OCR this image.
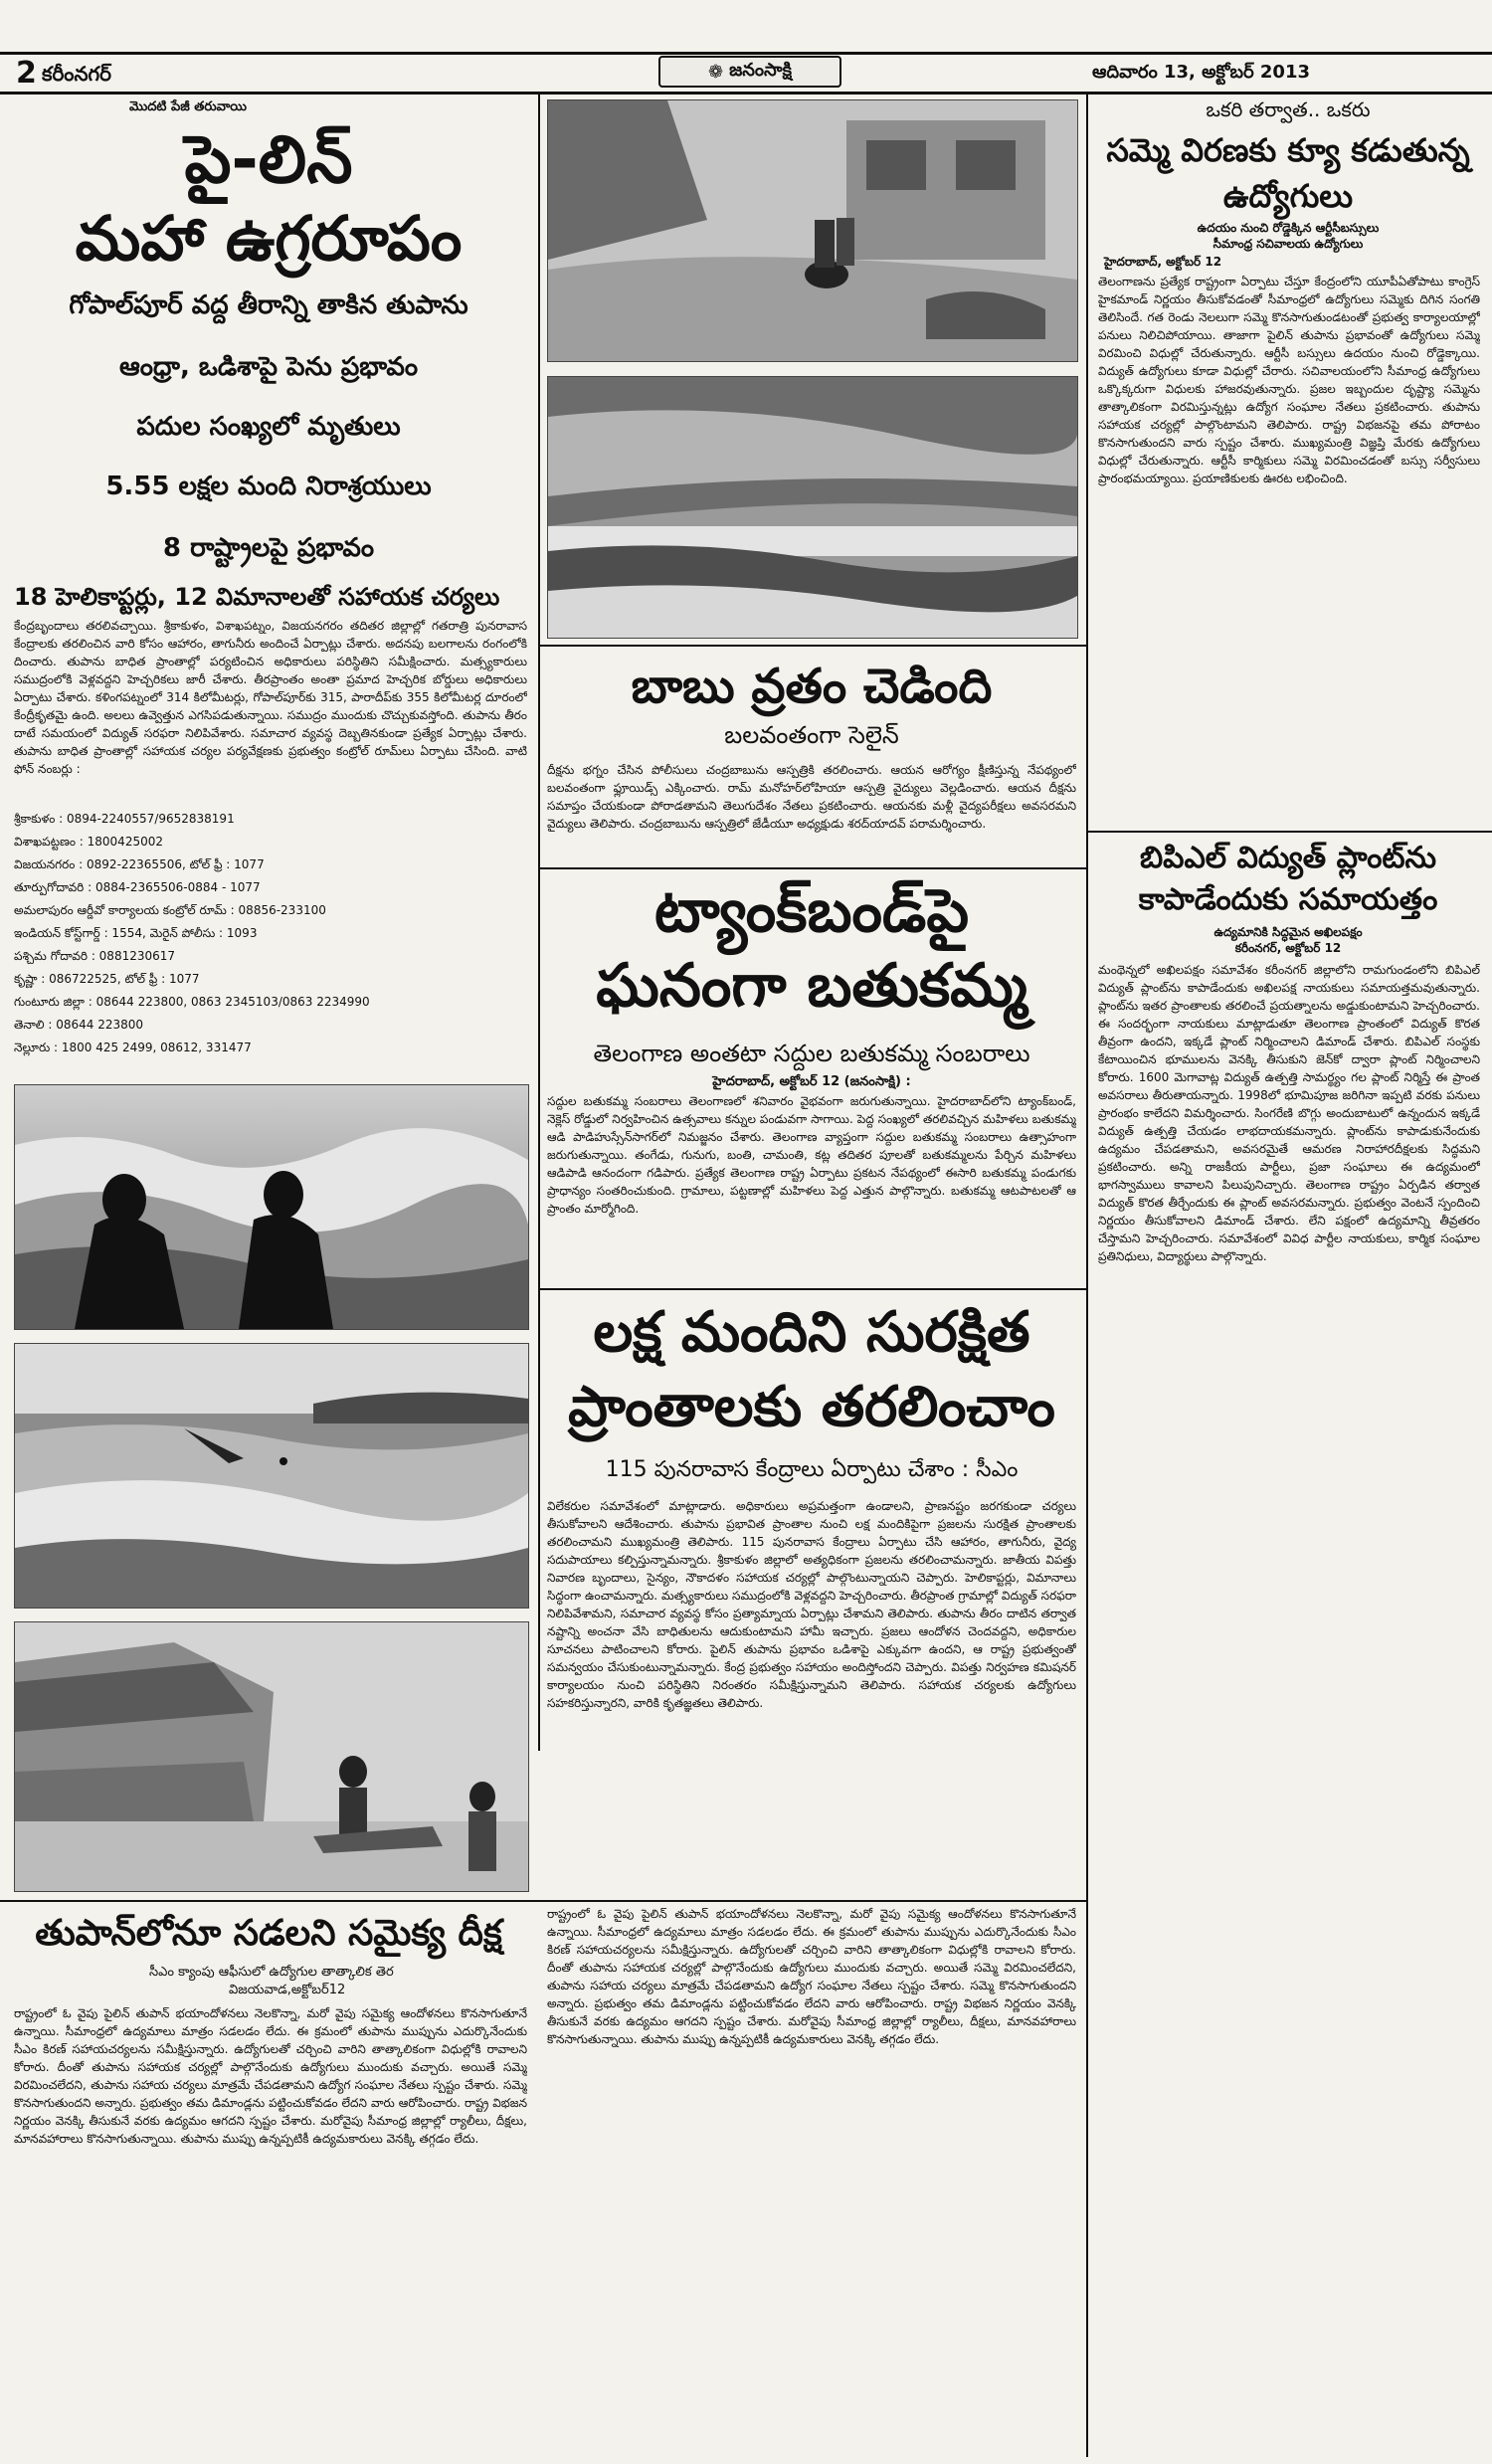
2 కరీంనగర్	❁ జనంసాక్షి	ఆదివారం 13, అక్టోబర్ 2013
మొదటి పేజీ తరువాయి
పై-లిన్
మహా ఉగ్రరూపం
గోపాల్‌పూర్ వద్ద తీరాన్ని తాకిన తుపాను
ఆంధ్రా, ఒడిశాపై పెను ప్రభావం
పదుల సంఖ్యలో మృతులు
5.55 లక్షల మంది నిరాశ్రయులు
8 రాష్ట్రాలపై ప్రభావం
18 హెలికాప్టర్లు, 12 విమానాలతో సహాయక చర్యలు
కేంద్రబృందాలు తరలివచ్చాయి. శ్రీకాకుళం, విశాఖపట్నం, విజయనగరం తదితర జిల్లాల్లో గతరాత్రి పునరావాస కేంద్రాలకు తరలించిన వారి కోసం ఆహారం, తాగునీరు అందించే ఏర్పాట్లు చేశారు. అదనపు బలగాలను రంగంలోకి దించారు. తుపాను బాధిత ప్రాంతాల్లో పర్యటించిన అధికారులు పరిస్థితిని సమీక్షించారు. మత్స్యకారులు సముద్రంలోకి వెళ్లవద్దని హెచ్చరికలు జారీ చేశారు. తీరప్రాంతం అంతా ప్రమాద హెచ్చరిక బోర్డులు అధికారులు ఏర్పాటు చేశారు. కళింగపట్నంలో 314 కిలోమీటర్లు, గోపాల్‌పూర్‌కు 315, పారాదీప్‌కు 355 కిలోమీటర్ల దూరంలో కేంద్రీకృతమై ఉంది. అలలు ఉవ్వెత్తున ఎగసిపడుతున్నాయి. సముద్రం ముందుకు చొచ్చుకువస్తోంది. తుపాను తీరం దాటే సమయంలో విద్యుత్ సరఫరా నిలిపివేశారు. సమాచార వ్యవస్థ దెబ్బతినకుండా ప్రత్యేక ఏర్పాట్లు చేశారు. తుపాను బాధిత ప్రాంతాల్లో సహాయక చర్యల పర్యవేక్షణకు ప్రభుత్వం కంట్రోల్ రూమ్‌లు ఏర్పాటు చేసింది. వాటి ఫోన్ నంబర్లు :

శ్రీకాకుళం : 0894-2240557/9652838191

విశాఖపట్టణం : 1800425002

విజయనగరం : 0892-22365506, టోల్ ఫ్రీ : 1077

తూర్పుగోదావరి : 0884-2365506-0884 - 1077

అమలాపురం ఆర్డీవో కార్యాలయ కంట్రోల్ రూమ్ : 08856-233100

ఇండియన్ కోస్ట్‌గార్డ్ : 1554, మెరైన్ పోలీసు : 1093

పశ్చిమ గోదావరి : 0881230617

కృష్ణా : 086722525, టోల్ ఫ్రీ : 1077

గుంటూరు జిల్లా : 08644 223800, 0863 2345103/0863 2234990

తెనాలి : 08644 223800

నెల్లూరు : 1800 425 2499, 08612, 331477

తుపాన్‌లోనూ సడలని సమైక్య దీక్ష
సీఎం క్యాంపు ఆఫీసులో ఉద్యోగుల తాత్కాలిక తెర
విజయవాడ,అక్టోబర్12
రాష్ట్రంలో ఓ వైపు పైలిన్ తుపాన్ భయాందోళనలు నెలకొన్నా, మరో వైపు సమైక్య ఆందోళనలు కొనసాగుతూనే ఉన్నాయి. సీమాంధ్రలో ఉద్యమాలు మాత్రం సడలడం లేదు. ఈ క్రమంలో తుపాను ముప్పును ఎదుర్కొనేందుకు సీఎం కిరణ్ సహాయచర్యలను సమీక్షిస్తున్నారు. ఉద్యోగులతో చర్చించి వారిని తాత్కాలికంగా విధుల్లోకి రావాలని కోరారు. దీంతో తుపాను సహాయక చర్యల్లో పాల్గొనేందుకు ఉద్యోగులు ముందుకు వచ్చారు. అయితే సమ్మె విరమించలేదని, తుపాను సహాయ చర్యలు మాత్రమే చేపడతామని ఉద్యోగ సంఘాల నేతలు స్పష్టం చేశారు. సమ్మె కొనసాగుతుందని అన్నారు. ప్రభుత్వం తమ డిమాండ్లను పట్టించుకోవడం లేదని వారు ఆరోపించారు. రాష్ట్ర విభజన నిర్ణయం వెనక్కి తీసుకునే వరకు ఉద్యమం ఆగదని స్పష్టం చేశారు. మరోవైపు సీమాంధ్ర జిల్లాల్లో ర్యాలీలు, దీక్షలు, మానవహారాలు కొనసాగుతున్నాయి. తుపాను ముప్పు ఉన్నప్పటికీ ఉద్యమకారులు వెనక్కి తగ్గడం లేదు.
రాష్ట్రంలో ఓ వైపు పైలిన్ తుపాన్ భయాందోళనలు నెలకొన్నా, మరో వైపు సమైక్య ఆందోళనలు కొనసాగుతూనే ఉన్నాయి. సీమాంధ్రలో ఉద్యమాలు మాత్రం సడలడం లేదు. ఈ క్రమంలో తుపాను ముప్పును ఎదుర్కొనేందుకు సీఎం కిరణ్ సహాయచర్యలను సమీక్షిస్తున్నారు. ఉద్యోగులతో చర్చించి వారిని తాత్కాలికంగా విధుల్లోకి రావాలని కోరారు. దీంతో తుపాను సహాయక చర్యల్లో పాల్గొనేందుకు ఉద్యోగులు ముందుకు వచ్చారు. అయితే సమ్మె విరమించలేదని, తుపాను సహాయ చర్యలు మాత్రమే చేపడతామని ఉద్యోగ సంఘాల నేతలు స్పష్టం చేశారు. సమ్మె కొనసాగుతుందని అన్నారు. ప్రభుత్వం తమ డిమాండ్లను పట్టించుకోవడం లేదని వారు ఆరోపించారు. రాష్ట్ర విభజన నిర్ణయం వెనక్కి తీసుకునే వరకు ఉద్యమం ఆగదని స్పష్టం చేశారు. మరోవైపు సీమాంధ్ర జిల్లాల్లో ర్యాలీలు, దీక్షలు, మానవహారాలు కొనసాగుతున్నాయి. తుపాను ముప్పు ఉన్నప్పటికీ ఉద్యమకారులు వెనక్కి తగ్గడం లేదు.
బాబు వ్రతం చెడింది
బలవంతంగా సెలైన్
దీక్షను భగ్నం చేసిన పోలీసులు చంద్రబాబును ఆస్పత్రికి తరలించారు. ఆయన ఆరోగ్యం క్షీణిస్తున్న నేపథ్యంలో బలవంతంగా ఫ్లూయిడ్స్ ఎక్కించారు. రామ్ మనోహర్‌లోహియా ఆస్పత్రి వైద్యులు వెల్లడించారు. ఆయన దీక్షను సమాప్తం చేయకుండా పోరాడతామని తెలుగుదేశం నేతలు ప్రకటించారు. ఆయనకు మళ్లీ వైద్యపరీక్షలు అవసరమని వైద్యులు తెలిపారు. చంద్రబాబును ఆస్పత్రిలో జేడీయూ అధ్యక్షుడు శరద్‌యాదవ్ పరామర్శించారు.
ట్యాంక్‌బండ్‌పై
ఘనంగా బతుకమ్మ
తెలంగాణ అంతటా సద్దుల బతుకమ్మ సంబరాలు
హైదరాబాద్, అక్టోబర్ 12 (జనంసాక్షి) :
సద్దుల బతుకమ్మ సంబరాలు తెలంగాణలో శనివారం వైభవంగా జరుగుతున్నాయి. హైదరాబాద్‌లోని ట్యాంక్‌బండ్, నెక్లెస్ రోడ్డులో నిర్వహించిన ఉత్సవాలు కన్నుల పండువగా సాగాయి. పెద్ద సంఖ్యలో తరలివచ్చిన మహిళలు బతుకమ్మ ఆడి పాడిహుస్సేన్‌సాగర్‌లో నిమజ్జనం చేశారు. తెలంగాణ వ్యాప్తంగా సద్దుల బతుకమ్మ సంబరాలు ఉత్సాహంగా జరుగుతున్నాయి. తంగేడు, గునుగు, బంతి, చామంతి, కట్ల తదితర పూలతో బతుకమ్మలను పేర్చిన మహిళలు ఆడిపాడి ఆనందంగా గడిపారు. ప్రత్యేక తెలంగాణ రాష్ట్ర ఏర్పాటు ప్రకటన నేపథ్యంలో ఈసారి బతుకమ్మ పండుగకు ప్రాధాన్యం సంతరించుకుంది. గ్రామాలు, పట్టణాల్లో మహిళలు పెద్ద ఎత్తున పాల్గొన్నారు. బతుకమ్మ ఆటపాటలతో ఆ ప్రాంతం మార్మోగింది.
లక్ష మందిని సురక్షిత
ప్రాంతాలకు తరలించాం
115 పునరావాస కేంద్రాలు ఏర్పాటు చేశాం : సీఎం
విలేకరుల సమావేశంలో మాట్లాడారు. అధికారులు అప్రమత్తంగా ఉండాలని, ప్రాణనష్టం జరగకుండా చర్యలు తీసుకోవాలని ఆదేశించారు. తుపాను ప్రభావిత ప్రాంతాల నుంచి లక్ష మందికిపైగా ప్రజలను సురక్షిత ప్రాంతాలకు తరలించామని ముఖ్యమంత్రి తెలిపారు. 115 పునరావాస కేంద్రాలు ఏర్పాటు చేసి ఆహారం, తాగునీరు, వైద్య సదుపాయాలు కల్పిస్తున్నామన్నారు. శ్రీకాకుళం జిల్లాలో అత్యధికంగా ప్రజలను తరలించామన్నారు. జాతీయ విపత్తు నివారణ బృందాలు, సైన్యం, నౌకాదళం సహాయక చర్యల్లో పాల్గొంటున్నాయని చెప్పారు. హెలికాప్టర్లు, విమానాలు సిద్ధంగా ఉంచామన్నారు. మత్స్యకారులు సముద్రంలోకి వెళ్లవద్దని హెచ్చరించారు. తీరప్రాంత గ్రామాల్లో విద్యుత్ సరఫరా నిలిపివేశామని, సమాచార వ్యవస్థ కోసం ప్రత్యామ్నాయ ఏర్పాట్లు చేశామని తెలిపారు. తుపాను తీరం దాటిన తర్వాత నష్టాన్ని అంచనా వేసి బాధితులను ఆదుకుంటామని హామీ ఇచ్చారు. ప్రజలు ఆందోళన చెందవద్దని, అధికారుల సూచనలు పాటించాలని కోరారు. పైలిన్ తుపాను ప్రభావం ఒడిశాపై ఎక్కువగా ఉందని, ఆ రాష్ట్ర ప్రభుత్వంతో సమన్వయం చేసుకుంటున్నామన్నారు. కేంద్ర ప్రభుత్వం సహాయం అందిస్తోందని చెప్పారు. విపత్తు నిర్వహణ కమిషనర్ కార్యాలయం నుంచి పరిస్థితిని నిరంతరం సమీక్షిస్తున్నామని తెలిపారు. సహాయక చర్యలకు ఉద్యోగులు సహకరిస్తున్నారని, వారికి కృతజ్ఞతలు తెలిపారు.
ఒకరి తర్వాత.. ఒకరు
సమ్మె విరణకు క్యూ కడుతున్న ఉద్యోగులు
ఉదయం నుంచి రోడ్డెక్కిన ఆర్టీసీబస్సులు
సీమాంధ్ర సచివాలయ ఉద్యోగులు
హైదరాబాద్, అక్టోబర్ 12
తెలంగాణను ప్రత్యేక రాష్ట్రంగా ఏర్పాటు చేస్తూ కేంద్రంలోని యూపీఏతోపాటు కాంగ్రెస్ హైకమాండ్ నిర్ణయం తీసుకోవడంతో సీమాంధ్రలో ఉద్యోగులు సమ్మెకు దిగిన సంగతి తెలిసిందే. గత రెండు నెలలుగా సమ్మె కొనసాగుతుండటంతో ప్రభుత్వ కార్యాలయాల్లో పనులు నిలిచిపోయాయి. తాజాగా పైలిన్ తుపాను ప్రభావంతో ఉద్యోగులు సమ్మె విరమించి విధుల్లో చేరుతున్నారు. ఆర్టీసీ బస్సులు ఉదయం నుంచి రోడ్డెక్కాయి. విద్యుత్ ఉద్యోగులు కూడా విధుల్లో చేరారు. సచివాలయంలోని సీమాంధ్ర ఉద్యోగులు ఒక్కొక్కరుగా విధులకు హాజరవుతున్నారు. ప్రజల ఇబ్బందుల దృష్ట్యా సమ్మెను తాత్కాలికంగా విరమిస్తున్నట్లు ఉద్యోగ సంఘాల నేతలు ప్రకటించారు. తుపాను సహాయక చర్యల్లో పాల్గొంటామని తెలిపారు. రాష్ట్ర విభజనపై తమ పోరాటం కొనసాగుతుందని వారు స్పష్టం చేశారు. ముఖ్యమంత్రి విజ్ఞప్తి మేరకు ఉద్యోగులు విధుల్లో చేరుతున్నారు. ఆర్టీసీ కార్మికులు సమ్మె విరమించడంతో బస్సు సర్వీసులు ప్రారంభమయ్యాయి. ప్రయాణికులకు ఊరట లభించింది.
బిపిఎల్ విద్యుత్ ప్లాంట్‌ను కాపాడేందుకు సమాయత్తం
ఉద్యమానికి సిద్ధమైన అఖిలపక్షం
కరీంనగర్, అక్టోబర్ 12
మంథెన్నలో అఖిలపక్షం సమావేశం కరీంనగర్ జిల్లాలోని రామగుండంలోని బిపిఎల్ విద్యుత్ ప్లాంట్‌ను కాపాడేందుకు అఖిలపక్ష నాయకులు సమాయత్తమవుతున్నారు. ప్లాంట్‌ను ఇతర ప్రాంతాలకు తరలించే ప్రయత్నాలను అడ్డుకుంటామని హెచ్చరించారు. ఈ సందర్భంగా నాయకులు మాట్లాడుతూ తెలంగాణ ప్రాంతంలో విద్యుత్ కొరత తీవ్రంగా ఉందని, ఇక్కడే ప్లాంట్ నిర్మించాలని డిమాండ్ చేశారు. బిపిఎల్ సంస్థకు కేటాయించిన భూములను వెనక్కి తీసుకుని జెన్‌కో ద్వారా ప్లాంట్ నిర్మించాలని కోరారు. 1600 మెగావాట్ల విద్యుత్ ఉత్పత్తి సామర్థ్యం గల ప్లాంట్ నిర్మిస్తే ఈ ప్రాంత అవసరాలు తీరుతాయన్నారు. 1998లో భూమిపూజ జరిగినా ఇప్పటి వరకు పనులు ప్రారంభం కాలేదని విమర్శించారు. సింగరేణి బొగ్గు అందుబాటులో ఉన్నందున ఇక్కడే విద్యుత్ ఉత్పత్తి చేయడం లాభదాయకమన్నారు. ప్లాంట్‌ను కాపాడుకునేందుకు ఉద్యమం చేపడతామని, అవసరమైతే ఆమరణ నిరాహారదీక్షలకు సిద్ధమని ప్రకటించారు. అన్ని రాజకీయ పార్టీలు, ప్రజా సంఘాలు ఈ ఉద్యమంలో భాగస్వాములు కావాలని పిలుపునిచ్చారు. తెలంగాణ రాష్ట్రం ఏర్పడిన తర్వాత విద్యుత్ కొరత తీర్చేందుకు ఈ ప్లాంట్ అవసరమన్నారు. ప్రభుత్వం వెంటనే స్పందించి నిర్ణయం తీసుకోవాలని డిమాండ్ చేశారు. లేని పక్షంలో ఉద్యమాన్ని తీవ్రతరం చేస్తామని హెచ్చరించారు. సమావేశంలో వివిధ పార్టీల నాయకులు, కార్మిక సంఘాల ప్రతినిధులు, విద్యార్థులు పాల్గొన్నారు.
